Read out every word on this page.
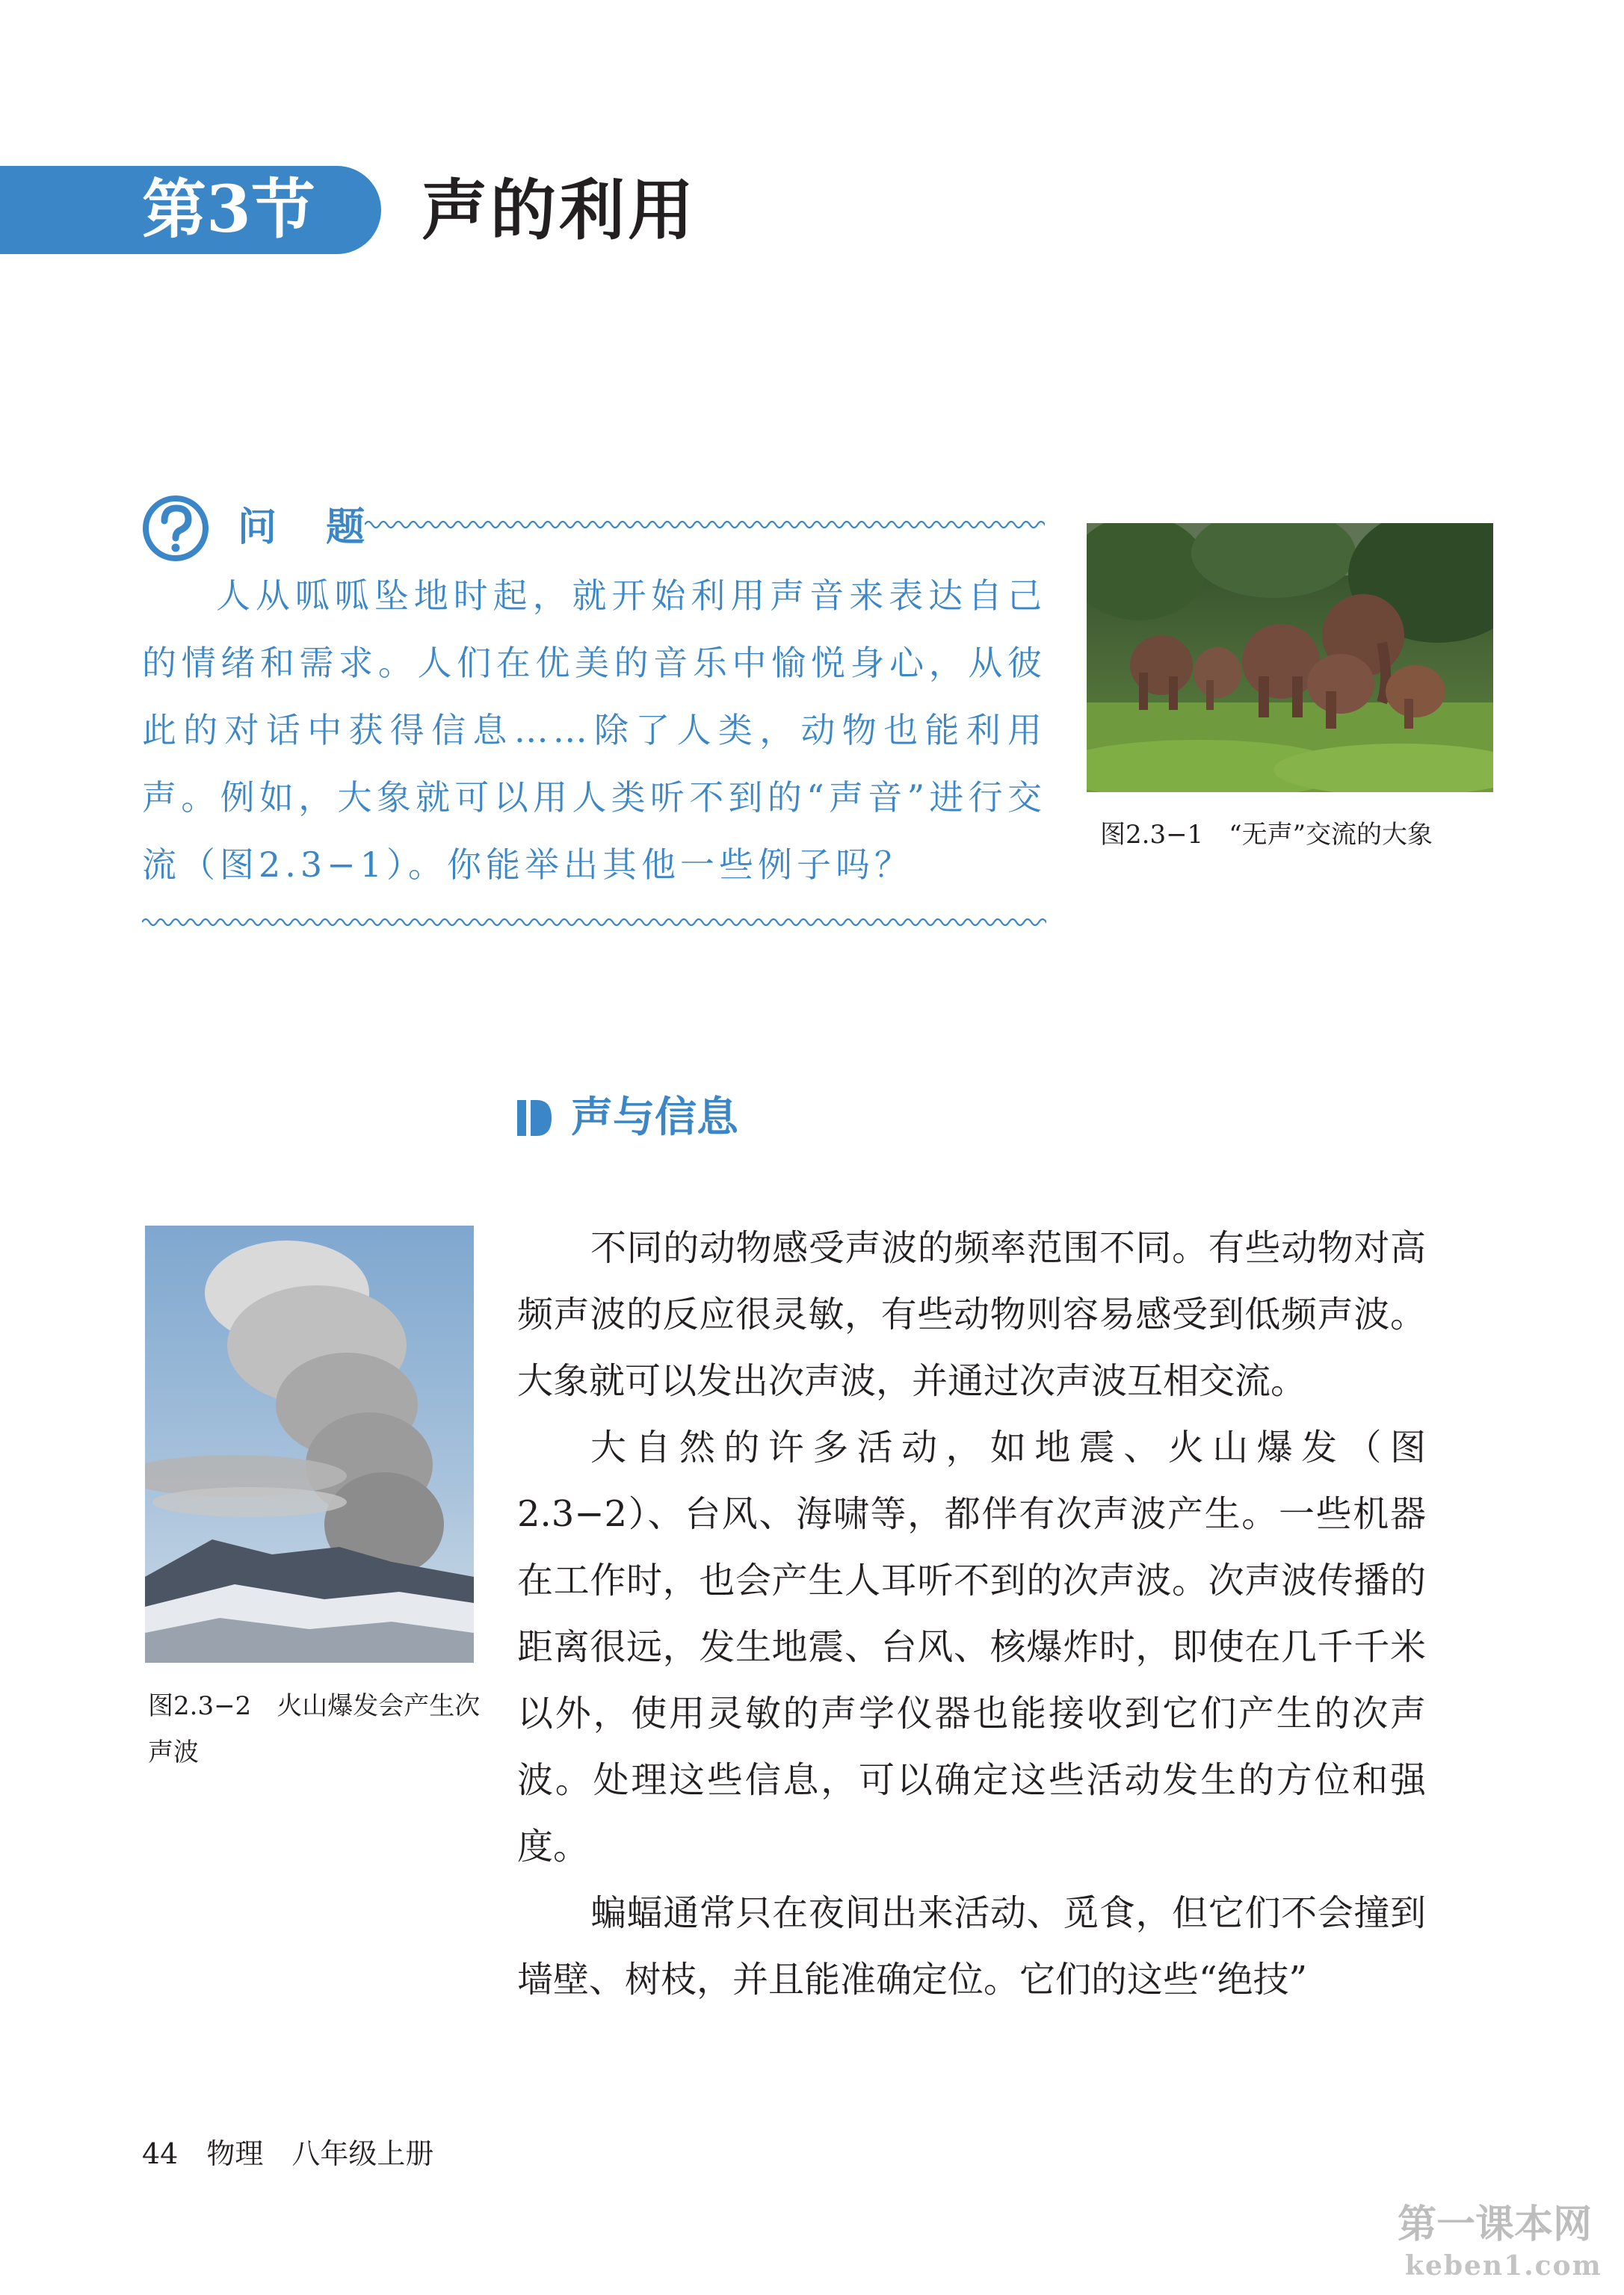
第3节 声的利用
问 题
人从呱呱坠地时起，就开始利用声音来表达自己的情绪和需求。人们在优美的音乐中愉悦身心，从彼此的对话中获得信息……除了人类，动物也能利用声。例如，大象就可以用人类听不到的“声音”进行交流（图2.3−1）。你能举出其他一些例子吗？
图2.3−1　“无声”交流的大象
声与信息
图2.3−2　火山爆发会产生次声波

不同的动物感受声波的频率范围不同。有些动物对高频声波的反应很灵敏，有些动物则容易感受到低频声波。大象就可以发出次声波，并通过次声波互相交流。

大自然的许多活动，如地震、火山爆发（图2.3−2）、台风、海啸等，都伴有次声波产生。一些机器在工作时，也会产生人耳听不到的次声波。次声波传播的距离很远，发生地震、台风、核爆炸时，即使在几千千米以外，使用灵敏的声学仪器也能接收到它们产生的次声波。处理这些信息，可以确定这些活动发生的方位和强度。

蝙蝠通常只在夜间出来活动、觅食，但它们不会撞到墙壁、树枝，并且能准确定位。它们的这些“绝技”

44　 物理　八年级上册
第一课本网
keben1.com
